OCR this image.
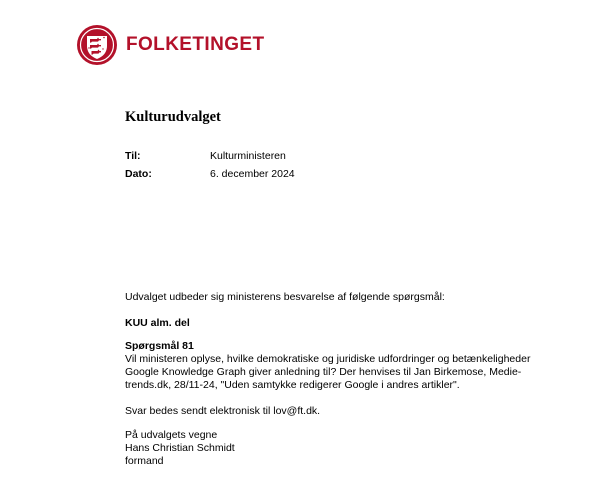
FOLKETINGET
Kulturudvalget
Til:	Kulturministeren
Dato:	6. december 2024
Udvalget udbeder sig ministerens besvarelse af følgende spørgsmål:
KUU alm. del
Spørgsmål 81
Vil ministeren oplyse, hvilke demokratiske og juridiske udfordringer og betænkeligheder
Google Knowledge Graph giver anledning til? Der henvises til Jan Birkemose, Medie-
trends.dk, 28/11-24, "Uden samtykke redigerer Google i andres artikler".
Svar bedes sendt elektronisk til lov@ft.dk.
På udvalgets vegne
Hans Christian Schmidt
formand
